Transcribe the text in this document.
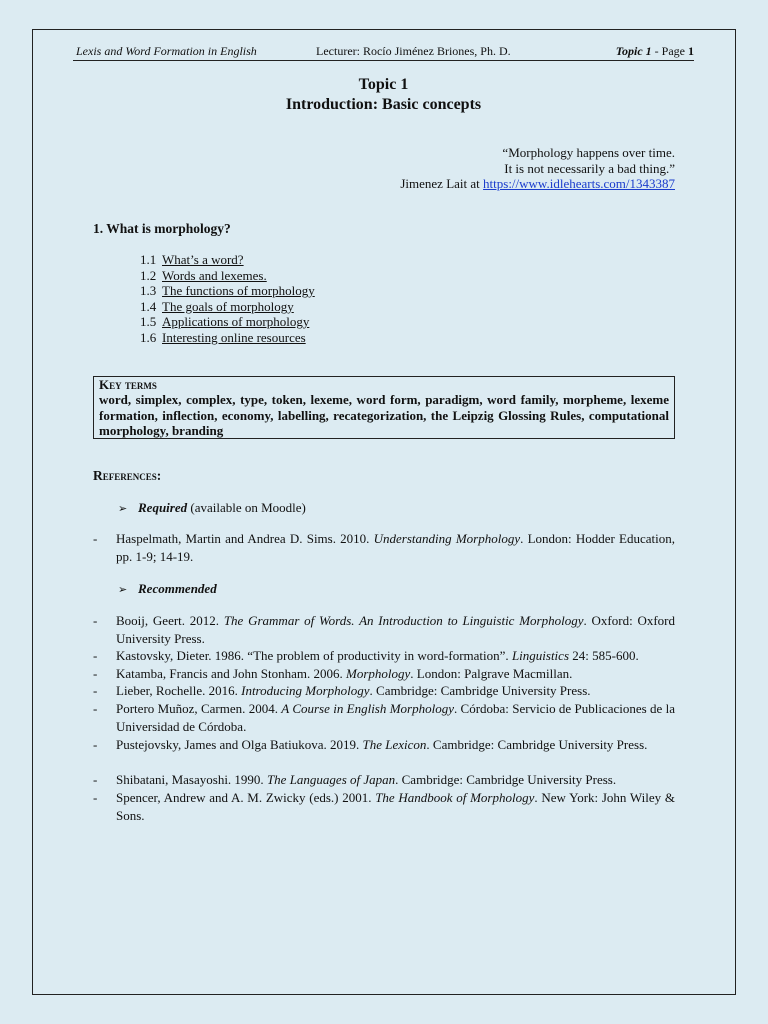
Lexis and Word Formation in English	Lecturer: Rocío Jiménez Briones, Ph. D.	Topic 1 - Page 1
Topic 1
Introduction: Basic concepts
“Morphology happens over time.
It is not necessarily a bad thing.”
Jimenez Lait at https://www.idlehearts.com/1343387
1. What is morphology?
1.1 What’s a word?
1.2 Words and lexemes.
1.3 The functions of morphology
1.4 The goals of morphology
1.5 Applications of morphology
1.6 Interesting online resources
Key terms
word, simplex, complex, type, token, lexeme, word form, paradigm, word family, morpheme, lexeme formation, inflection, economy, labelling, recategorization, the Leipzig Glossing Rules, computational morphology, branding
References:
➢ Required (available on Moodle)
- Haspelmath, Martin and Andrea D. Sims. 2010. Understanding Morphology. London: Hodder Education, pp. 1-9; 14-19.
➢ Recommended
- Booij, Geert. 2012. The Grammar of Words. An Introduction to Linguistic Morphology. Oxford: Oxford University Press.
- Kastovsky, Dieter. 1986. “The problem of productivity in word-formation”. Linguistics 24: 585-600.
- Katamba, Francis and John Stonham. 2006. Morphology. London: Palgrave Macmillan.
- Lieber, Rochelle. 2016. Introducing Morphology. Cambridge: Cambridge University Press.
- Portero Muñoz, Carmen. 2004. A Course in English Morphology. Córdoba: Servicio de Publicaciones de la Universidad de Córdoba.
- Pustejovsky, James and Olga Batiukova. 2019. The Lexicon. Cambridge: Cambridge University Press.
- Shibatani, Masayoshi. 1990. The Languages of Japan. Cambridge: Cambridge University Press.
- Spencer, Andrew and A. M. Zwicky (eds.) 2001. The Handbook of Morphology. New York: John Wiley & Sons.
